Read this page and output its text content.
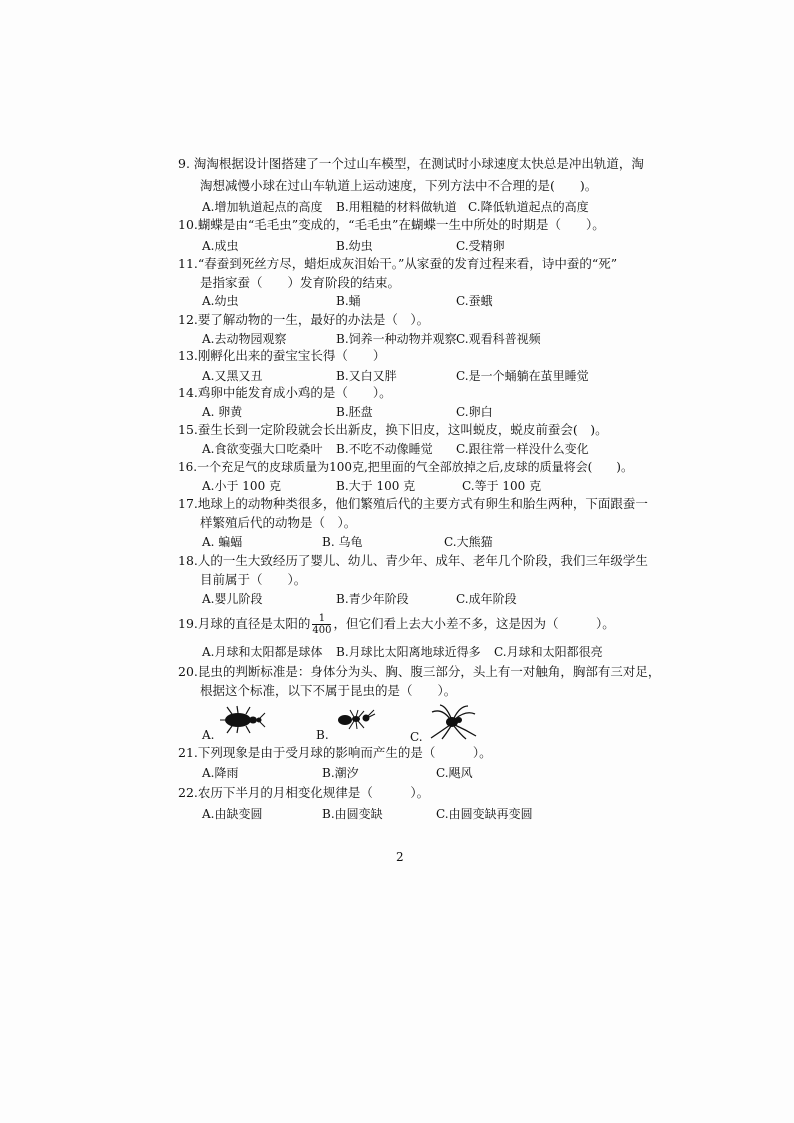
9. 淘淘根据设计图搭建了一个过山车模型，在测试时小球速度太快总是冲出轨道，淘
淘想减慢小球在过山车轨道上运动速度，下列方法中不合理的是(　　)。
A.增加轨道起点的高度 B.用粗糙的材料做轨道 C.降低轨道起点的高度
10.蝴蝶是由“毛毛虫”变成的，“毛毛虫”在蝴蝶一生中所处的时期是（　　）。
A.成虫	B.幼虫	C.受精卵
11.“春蚕到死丝方尽，蜡炬成灰泪始干。”从家蚕的发育过程来看，诗中蚕的“死”
是指家蚕（　　）发育阶段的结束。
A.幼虫	B.蛹	C.蚕蛾
12.要了解动物的一生，最好的办法是（　）。
A.去动物园观察	B.饲养一种动物并观察 C.观看科普视频
13.刚孵化出来的蚕宝宝长得（　　）
A.又黑又丑	B.又白又胖	C.是一个蛹躺在茧里睡觉
14.鸡卵中能发育成小鸡的是（　　）。
A. 卵黄	B.胚盘	C.卵白
15.蚕生长到一定阶段就会长出新皮，换下旧皮，这叫蜕皮，蜕皮前蚕会(　)。
A.食欲变强大口吃桑叶 B.不吃不动像睡觉 C.跟往常一样没什么变化
16.一个充足气的皮球质量为100克,把里面的气全部放掉之后,皮球的质量将会(　　)。
A.小于 100 克	B.大于 100 克	C.等于 100 克
17.地球上的动物种类很多，他们繁殖后代的主要方式有卵生和胎生两种，下面跟蚕一
样繁殖后代的动物是（　）。
A. 蝙蝠	B. 乌龟	C.大熊猫
18.人的一生大致经历了婴儿、幼儿、青少年、成年、老年几个阶段，我们三年级学生
目前属于（　　）。
A.婴儿阶段	B.青少年阶段	C.成年阶段
19.月球的直径是太阳的 $\frac{1}{400}$ ，但它们看上去大小差不多，这是因为（　　　）。
A.月球和太阳都是球体 B.月球比太阳离地球近得多 C.月球和太阳都很亮
20.昆虫的判断标准是：身体分为头、胸、腹三部分，头上有一对触角，胸部有三对足，
根据这个标准，以下不属于昆虫的是（　　）。
A.	B.	C.
21.下列现象是由于受月球的影响而产生的是（　　　）。
A.降雨	B.潮汐	C.飓风
22.农历下半月的月相变化规律是（　　　）。
A.由缺变圆	B.由圆变缺	C.由圆变缺再变圆
2
